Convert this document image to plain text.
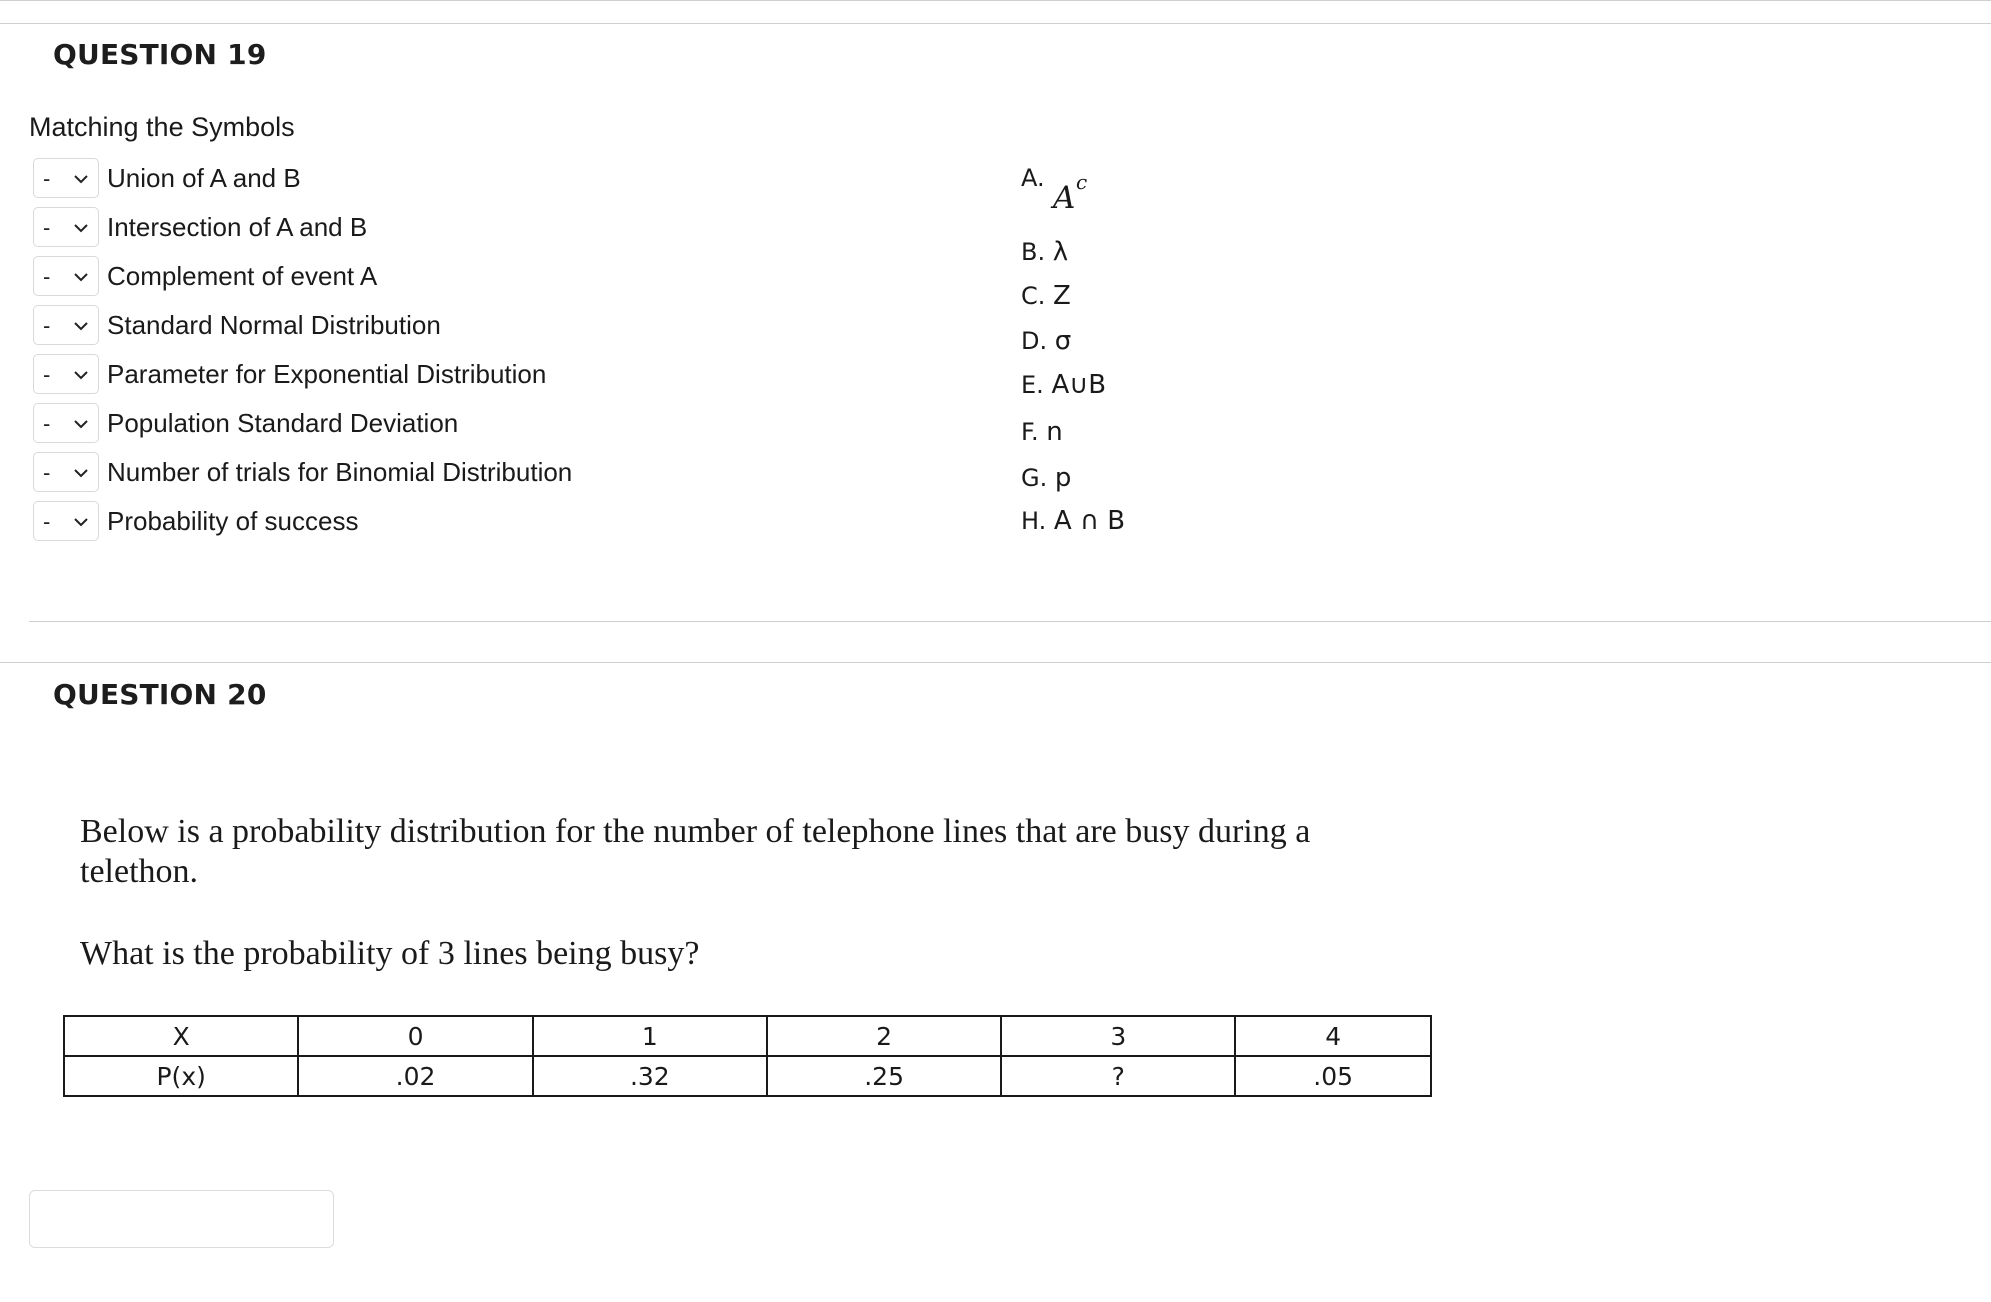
QUESTION 19
Matching the Symbols
- Union of A and B
- Intersection of A and B
- Complement of event A
- Standard Normal Distribution
- Parameter for Exponential Distribution
- Population Standard Deviation
- Number of trials for Binomial Distribution
- Probability of success
A.
A c
B. λ
C. Z
D. σ
E. A∪B
F. n
G. p
H. A ∩ B
QUESTION 20
Below is a probability distribution for the number of telephone lines that are busy during a
telethon.
What is the probability of 3 lines being busy?
X	0	1	2	3	4
P(x)	.02	.32	.25	?	.05
